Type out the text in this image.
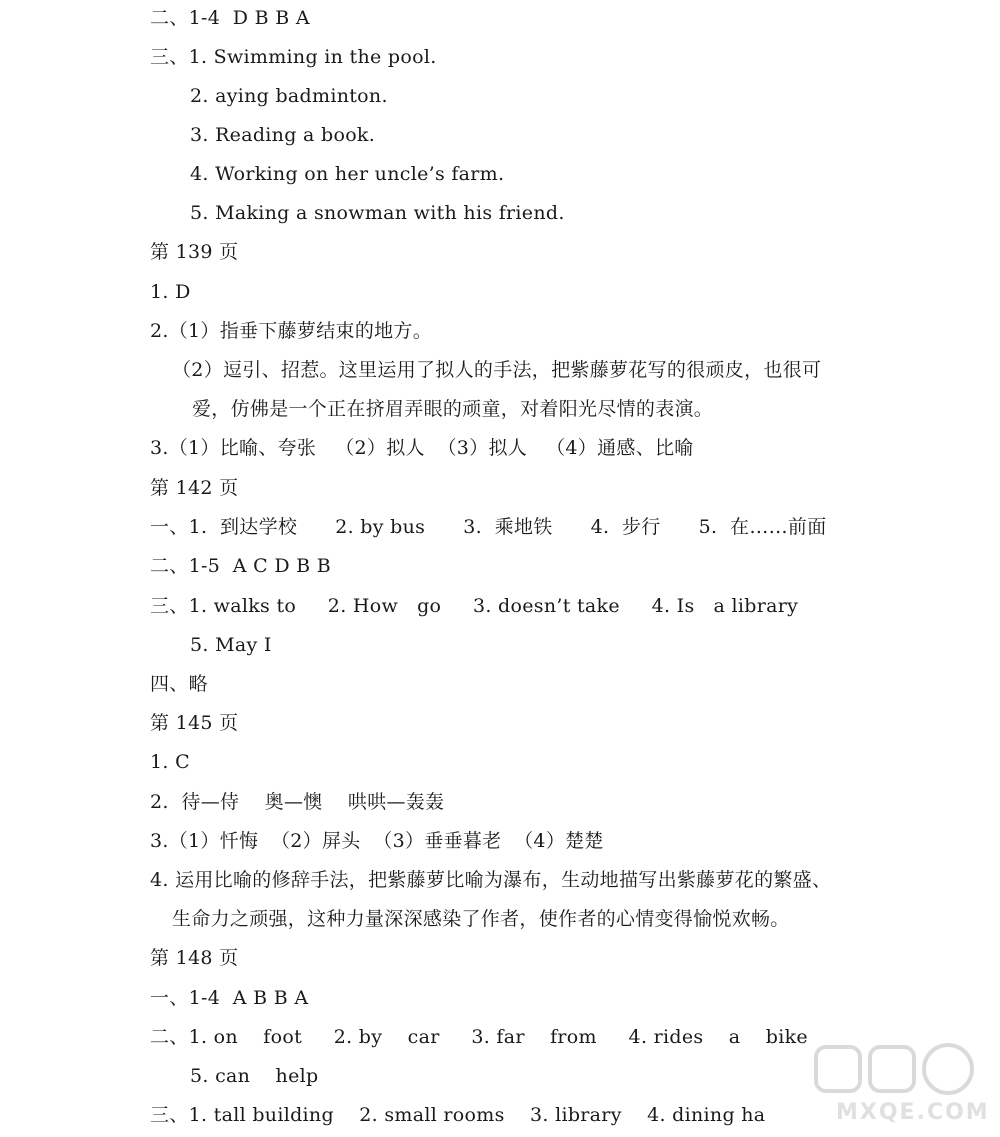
二、1-4  D B B A
三、1. Swimming in the pool.
2. aying badminton.
3. Reading a book.
4. Working on her uncle’s farm.
5. Making a snowman with his friend.
第 139 页
1. D
2.（1）指垂下藤萝结束的地方。
（2）逗引、招惹。这里运用了拟人的手法，把紫藤萝花写的很顽皮，也很可
爱，仿佛是一个正在挤眉弄眼的顽童，对着阳光尽情的表演。
3.（1）比喻、夸张   （2）拟人  （3）拟人   （4）通感、比喻
第 142 页
一、1.  到达学校      2. by bus      3.  乘地铁      4.  步行      5.  在……前面
二、1-5  A C D B B
三、1. walks to     2. How   go     3. doesn’t take     4. Is   a library
5. May I
四、略
第 145 页
1. C
2.  待—侍    奥—懊    哄哄—轰轰
3.（1）忏悔  （2）屏头  （3）垂垂暮老  （4）楚楚
4. 运用比喻的修辞手法，把紫藤萝比喻为瀑布，生动地描写出紫藤萝花的繁盛、
生命力之顽强，这种力量深深感染了作者，使作者的心情变得愉悦欢畅。
第 148 页
一、1-4  A B B A
二、1. on    foot     2. by    car     3. far    from     4. rides    a    bike
5. can    help
三、1. tall building    2. small rooms    3. library    4. dining ha	MXQE.COM
